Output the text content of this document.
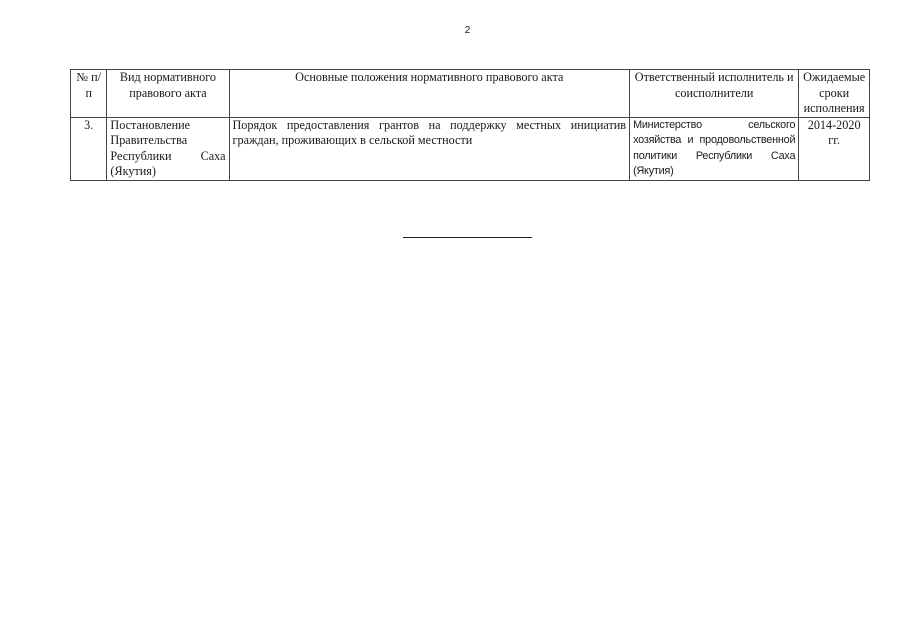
2
№ п/п	Вид нормативного правового акта	Основные положения нормативного правового акта	Ответственный исполнитель и соисполнители	Ожидаемые сроки исполнения
3.	Постановление Правительства Республики Саха (Якутия)	Порядок предоставления грантов на поддержку местных инициатив граждан, проживающих в сельской местности	Министерство сельского хозяйства и продовольственной политики Республики Саха (Якутия)	2014-2020 гг.
